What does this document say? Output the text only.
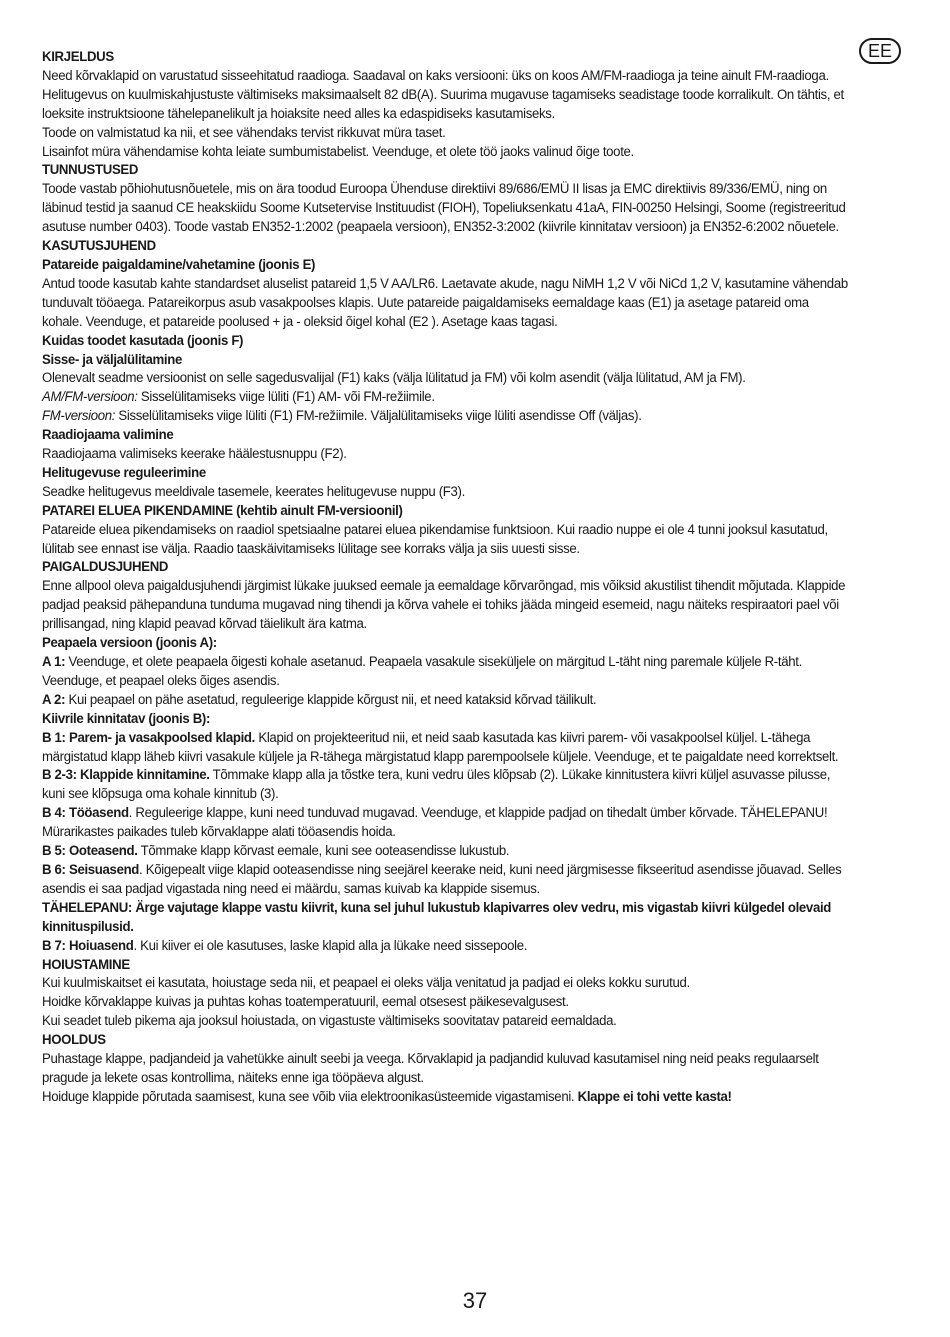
EE

KIRJELDUS

Need kõrvaklapid on varustatud sisseehitatud raadioga. Saadaval on kaks versiooni: üks on koos AM/FM-raadioga ja teine ainult FM-raadioga. Helitugevus on kuulmiskahjustuste vältimiseks maksimaalselt 82 dB(A). Suurima mugavuse tagamiseks seadistage toode korralikult. On tähtis, et loeksite instruktsioone tähelepanelikult ja hoiaksite need alles ka edaspidiseks kasutamiseks.

Toode on valmistatud ka nii, et see vähendaks tervist rikkuvat müra taset.

Lisainfot müra vähendamise kohta leiate sumbumistabelist. Veenduge, et olete töö jaoks valinud õige toote.

TUNNUSTUSED

Toode vastab põhiohutusnõuetele, mis on ära toodud Euroopa Ühenduse direktiivi 89/686/EMÜ II lisas ja EMC direktiivis 89/336/EMÜ, ning on läbinud testid ja saanud CE heakskiidu Soome Kutsetervise Instituudist (FIOH), Topeliuksenkatu 41aA, FIN-00250 Helsingi, Soome (registreeritud asutuse number 0403). Toode vastab EN352-1:2002 (peapaela versioon), EN352-3:2002 (kiivrile kinnitatav versioon) ja EN352-6:2002 nõuetele.

KASUTUSJUHEND

Patareide paigaldamine/vahetamine (joonis E)

Antud toode kasutab kahte standardset aluselist patareid 1,5 V AA/LR6. Laetavate akude, nagu NiMH 1,2 V või NiCd 1,2 V, kasutamine vähendab tunduvalt tööaega. Patareikorpus asub vasakpoolses klapis. Uute patareide paigaldamiseks eemaldage kaas (E1) ja asetage patareid oma kohale. Veenduge, et patareide poolused + ja - oleksid õigel kohal (E2 ). Asetage kaas tagasi.

Kuidas toodet kasutada (joonis F)

Sisse- ja väljalülitamine

Olenevalt seadme versioonist on selle sagedusvalijal (F1) kaks (välja lülitatud ja FM) või kolm asendit (välja lülitatud, AM ja FM).

AM/FM-versioon: Sisselülitamiseks viige lüliti (F1) AM- või FM-režiimile.

FM-versioon: Sisselülitamiseks viige lüliti (F1) FM-režiimile. Väljalülitamiseks viige lüliti asendisse Off (väljas).

Raadiojaama valimine

Raadiojaama valimiseks keerake häälestusnuppu (F2).

Helitugevuse reguleerimine

Seadke helitugevus meeldivale tasemele, keerates helitugevuse nuppu (F3).

PATAREI ELUEA PIKENDAMINE (kehtib ainult FM-versioonil)

Patareide eluea pikendamiseks on raadiol spetsiaalne patarei eluea pikendamise funktsioon. Kui raadio nuppe ei ole 4 tunni jooksul kasutatud, lülitab see ennast ise välja. Raadio taaskäivitamiseks lülitage see korraks välja ja siis uuesti sisse.

PAIGALDUSJUHEND

Enne allpool oleva paigaldusjuhendi järgimist lükake juuksed eemale ja eemaldage kõrvarõngad, mis võiksid akustilist tihendit mõjutada. Klappide padjad peaksid pähepanduna tunduma mugavad ning tihendi ja kõrva vahele ei tohiks jääda mingeid esemeid, nagu näiteks respiraatori pael või prillisangad, ning klapid peavad kõrvad täielikult ära katma.

Peapaela versioon (joonis A):

A 1: Veenduge, et olete peapaela õigesti kohale asetanud. Peapaela vasakule siseküljele on märgitud L-täht ning paremale küljele R-täht. Veenduge, et peapael oleks õiges asendis.

A 2: Kui peapael on pähe asetatud, reguleerige klappide kõrgust nii, et need kataksid kõrvad täilikult.

Kiivrile kinnitatav (joonis B):

B 1: Parem- ja vasakpoolsed klapid. Klapid on projekteeritud nii, et neid saab kasutada kas kiivri parem- või vasakpoolsel küljel. L-tähega märgistatud klapp läheb kiivri vasakule küljele ja R-tähega märgistatud klapp parempoolsele küljele. Veenduge, et te paigaldate need korrektselt.

B 2-3: Klappide kinnitamine. Tõmmake klapp alla ja tõstke tera, kuni vedru üles klõpsab (2). Lükake kinnitustera kiivri küljel asuvasse pilusse, kuni see klõpsuga oma kohale kinnitub (3).

B 4: Tööasend. Reguleerige klappe, kuni need tunduvad mugavad. Veenduge, et klappide padjad on tihedalt ümber kõrvade. TÄHELEPANU! Mürarikastes paikades tuleb kõrvaklappe alati tööasendis hoida.

B 5: Ooteasend. Tõmmake klapp kõrvast eemale, kuni see ooteasendisse lukustub.

B 6: Seisuasend. Kõigepealt viige klapid ooteasendisse ning seejärel keerake neid, kuni need järgmisesse fikseeritud asendisse jõuavad. Selles asendis ei saa padjad vigastada ning need ei määrdu, samas kuivab ka klappide sisemus.

TÄHELEPANU: Ärge vajutage klappe vastu kiivrit, kuna sel juhul lukustub klapivarres olev vedru, mis vigastab kiivri külgedel olevaid kinnituspilusid.

B 7: Hoiuasend. Kui kiiver ei ole kasutuses, laske klapid alla ja lükake need sissepoole.

HOIUSTAMINE

Kui kuulmiskaitset ei kasutata, hoiustage seda nii, et peapael ei oleks välja venitatud ja padjad ei oleks kokku surutud.

Hoidke kõrvaklappe kuivas ja puhtas kohas toatemperatuuril, eemal otsesest päikesevalgusest.

Kui seadet tuleb pikema aja jooksul hoiustada, on vigastuste vältimiseks soovitatav patareid eemaldada.

HOOLDUS

Puhastage klappe, padjandeid ja vahetükke ainult seebi ja veega. Kõrvaklapid ja padjandid kuluvad kasutamisel ning neid peaks regulaarselt pragude ja lekete osas kontrollima, näiteks enne iga tööpäeva algust.

Hoiduge klappide põrutada saamisest, kuna see võib viia elektroonikasüsteemide vigastamiseni. Klappe ei tohi vette kasta!

37
